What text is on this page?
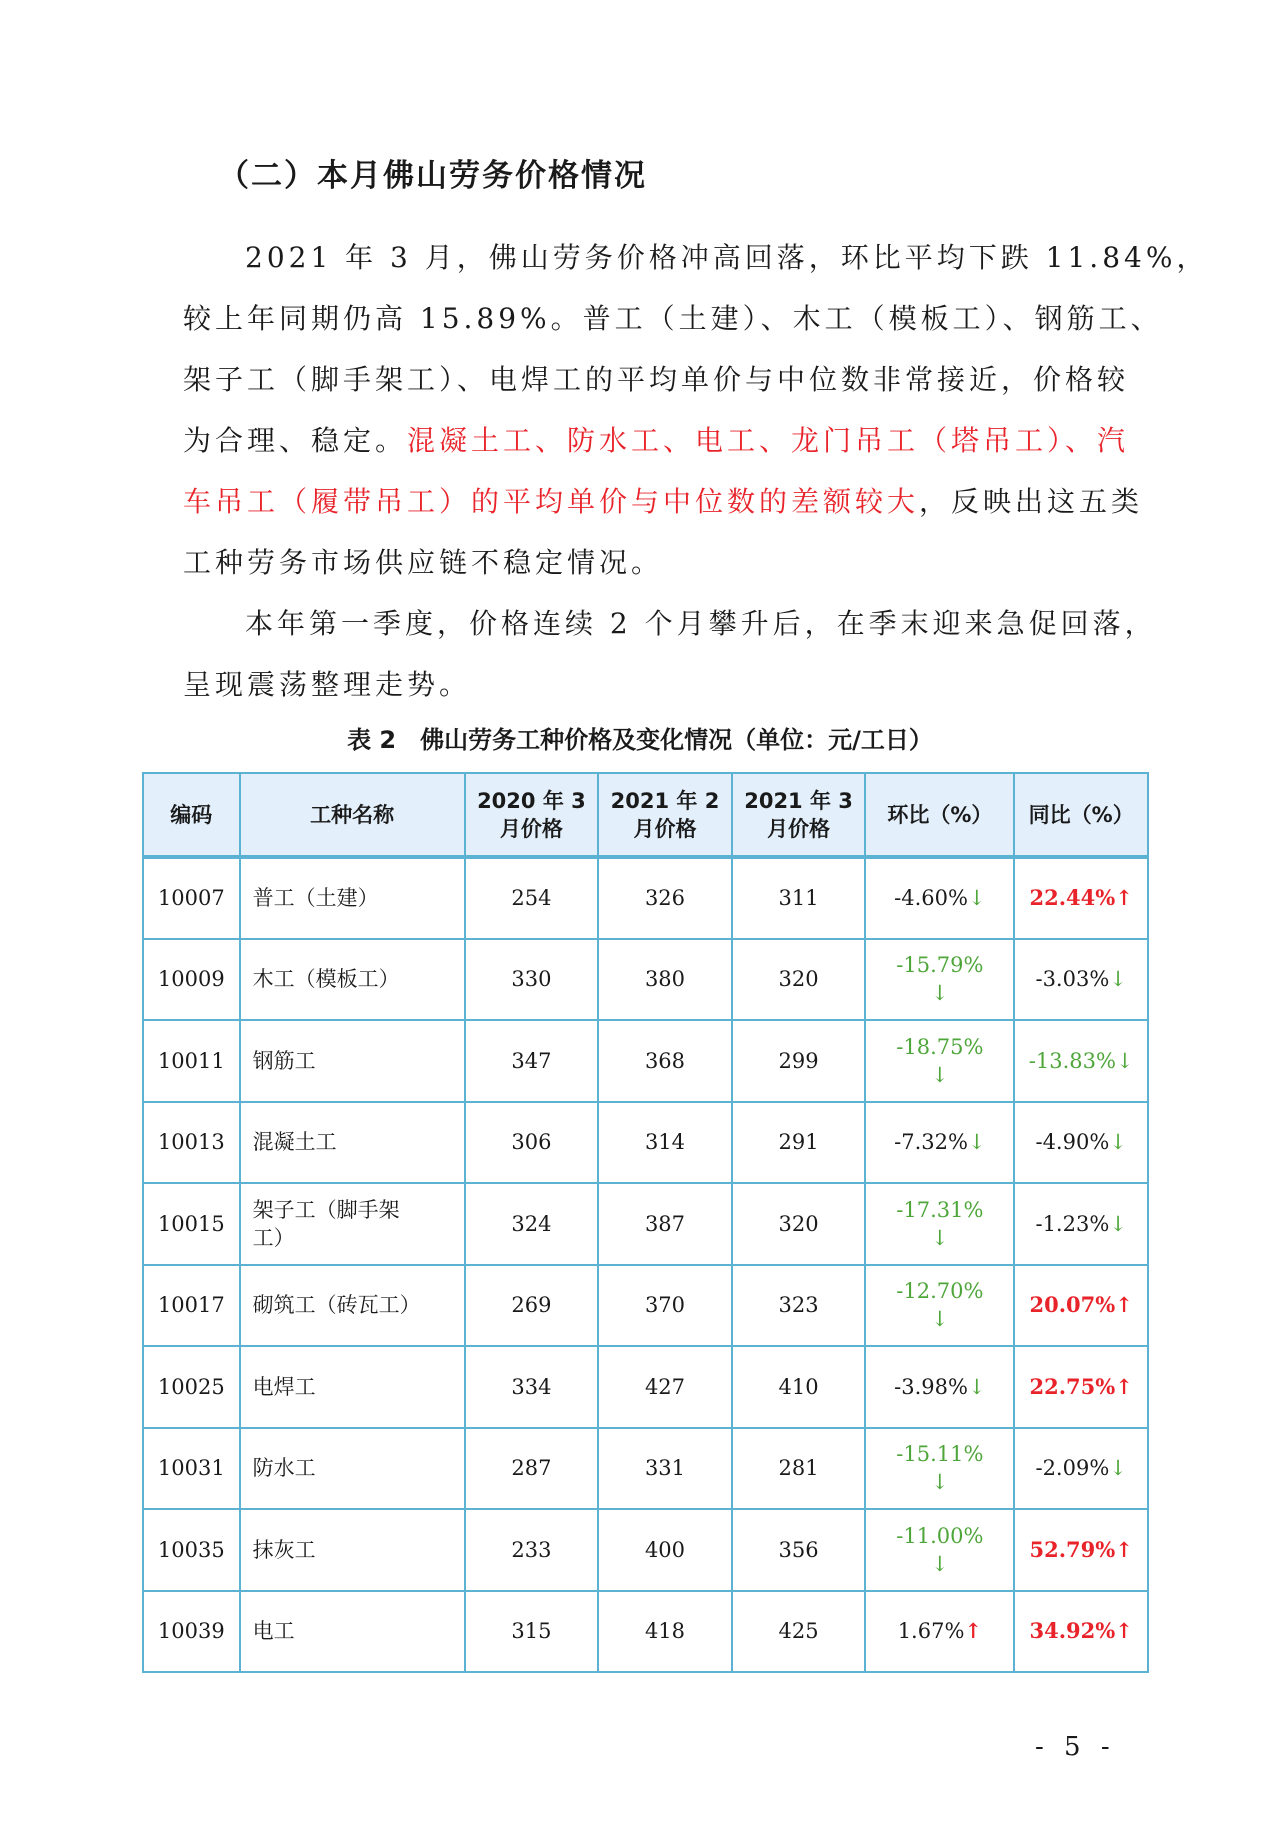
（二）本月佛山劳务价格情况
2021 年 3 月，佛山劳务价格冲高回落，环比平均下跌 11.84%，
较上年同期仍高 15.89%。普工（土建）、木工（模板工）、钢筋工、
架子工（脚手架工）、电焊工的平均单价与中位数非常接近，价格较
为合理、稳定。混凝土工、防水工、电工、龙门吊工（塔吊工）、汽
车吊工（履带吊工）的平均单价与中位数的差额较大，反映出这五类
工种劳务市场供应链不稳定情况。
本年第一季度，价格连续 2 个月攀升后，在季末迎来急促回落，
呈现震荡整理走势。
表 2　佛山劳务工种价格及变化情况（单位：元/工日）
编码	工种名称	2020 年 3
月价格	2021 年 2
月价格	2021 年 3
月价格	环比（%）	同比（%）
10007	普工（土建）	254	326	311	-4.60%↓	22.44%↑
10009	木工（模板工）	330	380	320	-15.79%
↓	-3.03%↓
10011	钢筋工	347	368	299	-18.75%
↓	-13.83%↓
10013	混凝土工	306	314	291	-7.32%↓	-4.90%↓
10015	架子工（脚手架
工）	324	387	320	-17.31%
↓	-1.23%↓
10017	砌筑工（砖瓦工）	269	370	323	-12.70%
↓	20.07%↑
10025	电焊工	334	427	410	-3.98%↓	22.75%↑
10031	防水工	287	331	281	-15.11%
↓	-2.09%↓
10035	抹灰工	233	400	356	-11.00%
↓	52.79%↑
10039	电工	315	418	425	1.67%↑	34.92%↑
- 5 -
